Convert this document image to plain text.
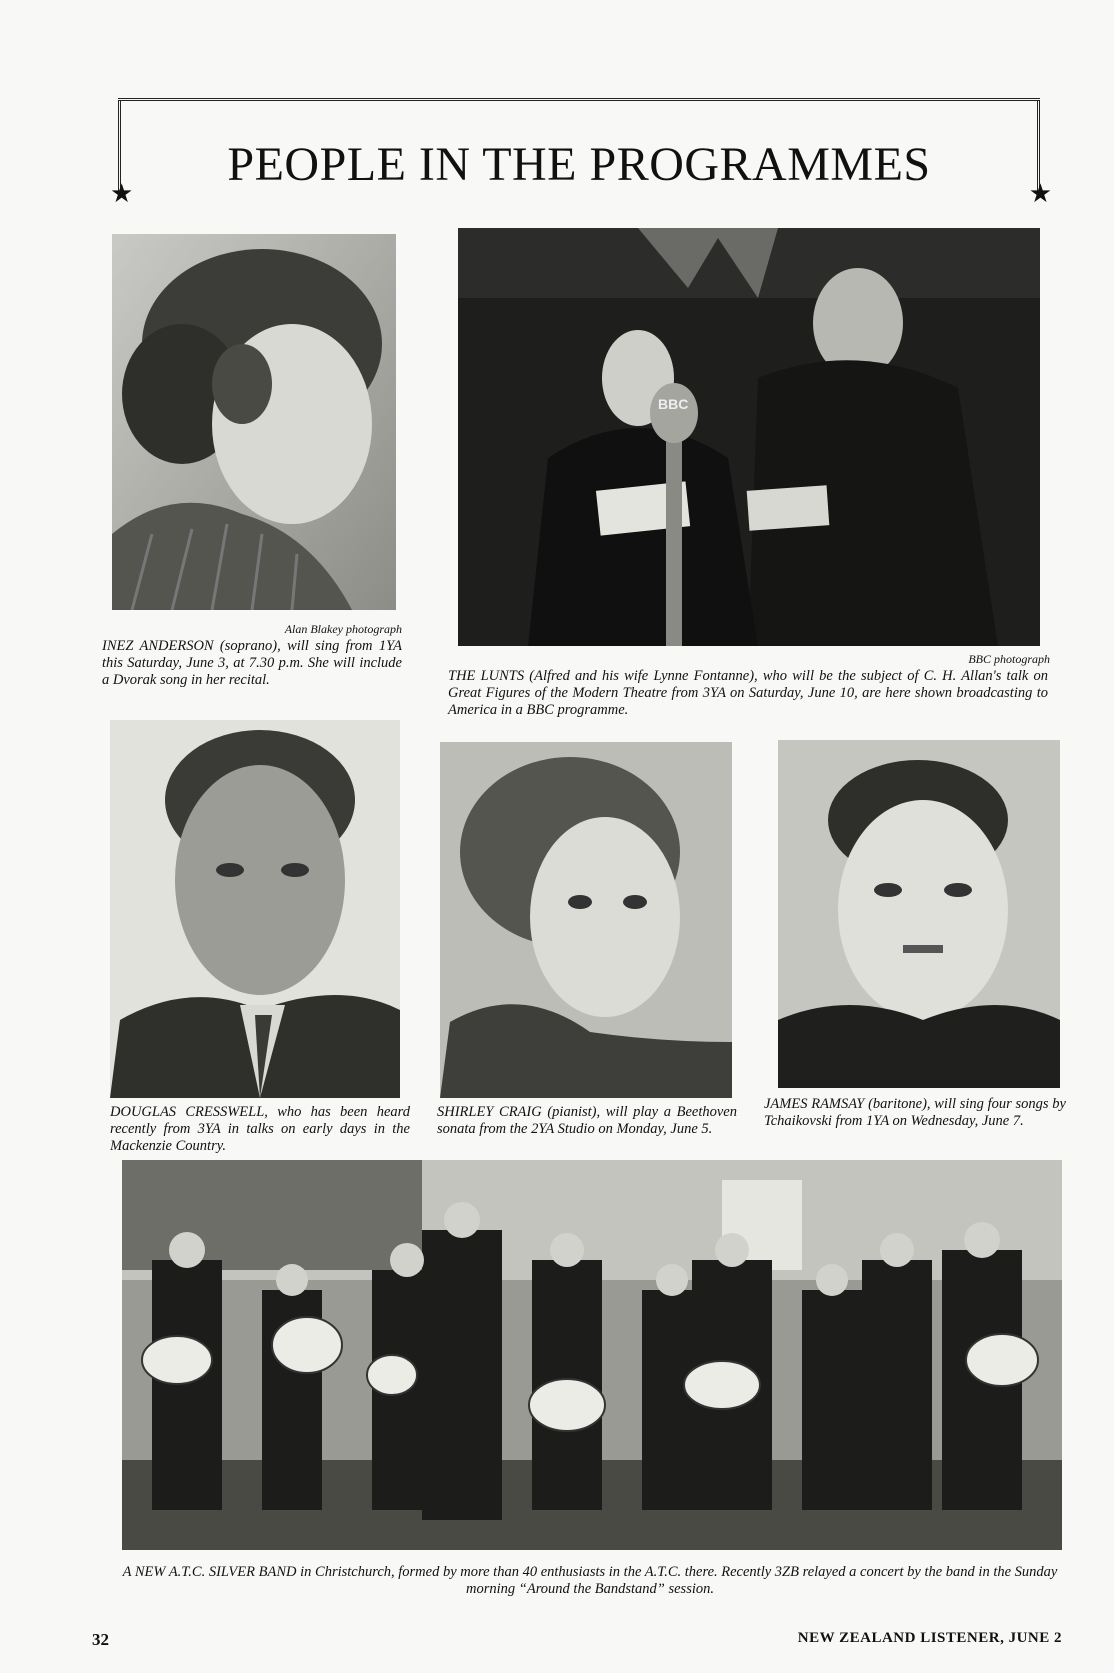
★	★
PEOPLE IN THE PROGRAMMES
Alan Blakey photograph
INEZ ANDERSON (soprano), will sing from 1YA this Saturday, June 3, at 7.30 p.m. She will include a Dvorak song in her recital.
BBC
BBC photograph
THE LUNTS (Alfred and his wife Lynne Fontanne), who will be the subject of C. H. Allan's talk on Great Figures of the Modern Theatre from 3YA on Saturday, June 10, are here shown broadcasting to America in a BBC programme.
DOUGLAS CRESSWELL, who has been heard recently from 3YA in talks on early days in the Mackenzie Country.
SHIRLEY CRAIG (pianist), will play a Beethoven sonata from the 2YA Studio on Monday, June 5.
JAMES RAMSAY (baritone), will sing four songs by Tchaikovski from 1YA on Wednesday, June 7.
A NEW A.T.C. SILVER BAND in Christchurch, formed by more than 40 enthusiasts in the A.T.C. there. Recently 3ZB relayed a concert by the band in the Sunday morning “Around the Bandstand” session.
32	NEW ZEALAND LISTENER, JUNE 2
